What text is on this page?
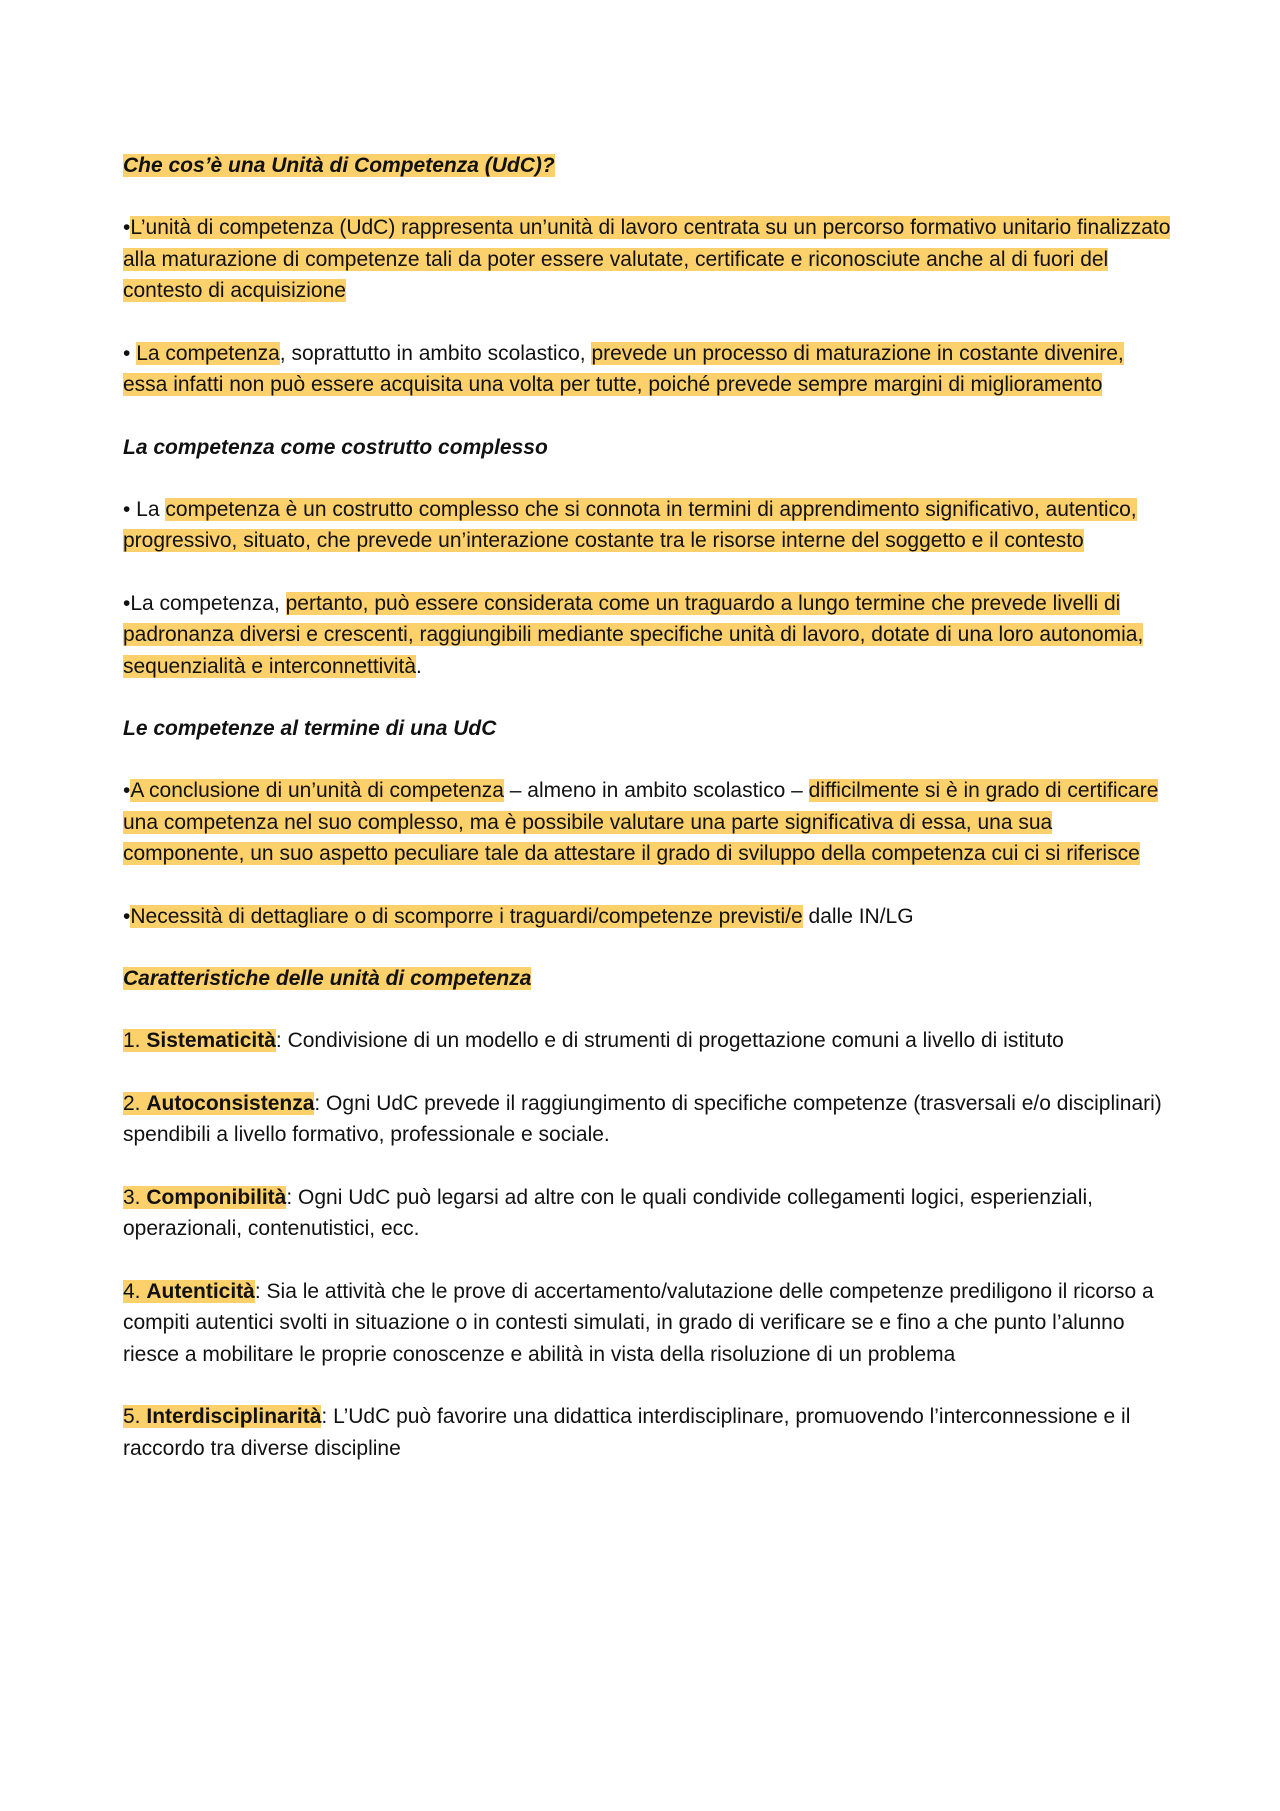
Che cos’è una Unità di Competenza (UdC)?

•L’unità di competenza (UdC) rappresenta un’unità di lavoro centrata su un percorso formativo unitario finalizzato alla maturazione di competenze tali da poter essere valutate, certificate e riconosciute anche al di fuori del contesto di acquisizione

• La competenza, soprattutto in ambito scolastico, prevede un processo di maturazione in costante divenire, essa infatti non può essere acquisita una volta per tutte, poiché prevede sempre margini di miglioramento

La competenza come costrutto complesso

• La competenza è un costrutto complesso che si connota in termini di apprendimento significativo, autentico, progressivo, situato, che prevede un’interazione costante tra le risorse interne del soggetto e il contesto

•La competenza, pertanto, può essere considerata come un traguardo a lungo termine che prevede livelli di padronanza diversi e crescenti, raggiungibili mediante specifiche unità di lavoro, dotate di una loro autonomia, sequenzialità e interconnettività.

Le competenze al termine di una UdC

•A conclusione di un’unità di competenza – almeno in ambito scolastico – difficilmente si è in grado di certificare una competenza nel suo complesso, ma è possibile valutare una parte significativa di essa, una sua componente, un suo aspetto peculiare tale da attestare il grado di sviluppo della competenza cui ci si riferisce

•Necessità di dettagliare o di scomporre i traguardi/competenze previsti/e dalle IN/LG

Caratteristiche delle unità di competenza

1. Sistematicità: Condivisione di un modello e di strumenti di progettazione comuni a livello di istituto

2. Autoconsistenza: Ogni UdC prevede il raggiungimento di specifiche competenze (trasversali e/o disciplinari) spendibili a livello formativo, professionale e sociale.

3. Componibilità: Ogni UdC può legarsi ad altre con le quali condivide collegamenti logici, esperienziali, operazionali, contenutistici, ecc.

4. Autenticità: Sia le attività che le prove di accertamento/valutazione delle competenze prediligono il ricorso a compiti autentici svolti in situazione o in contesti simulati, in grado di verificare se e fino a che punto l’alunno riesce a mobilitare le proprie conoscenze e abilità in vista della risoluzione di un problema

5. Interdisciplinarità: L’UdC può favorire una didattica interdisciplinare, promuovendo l’interconnessione e il raccordo tra diverse discipline
